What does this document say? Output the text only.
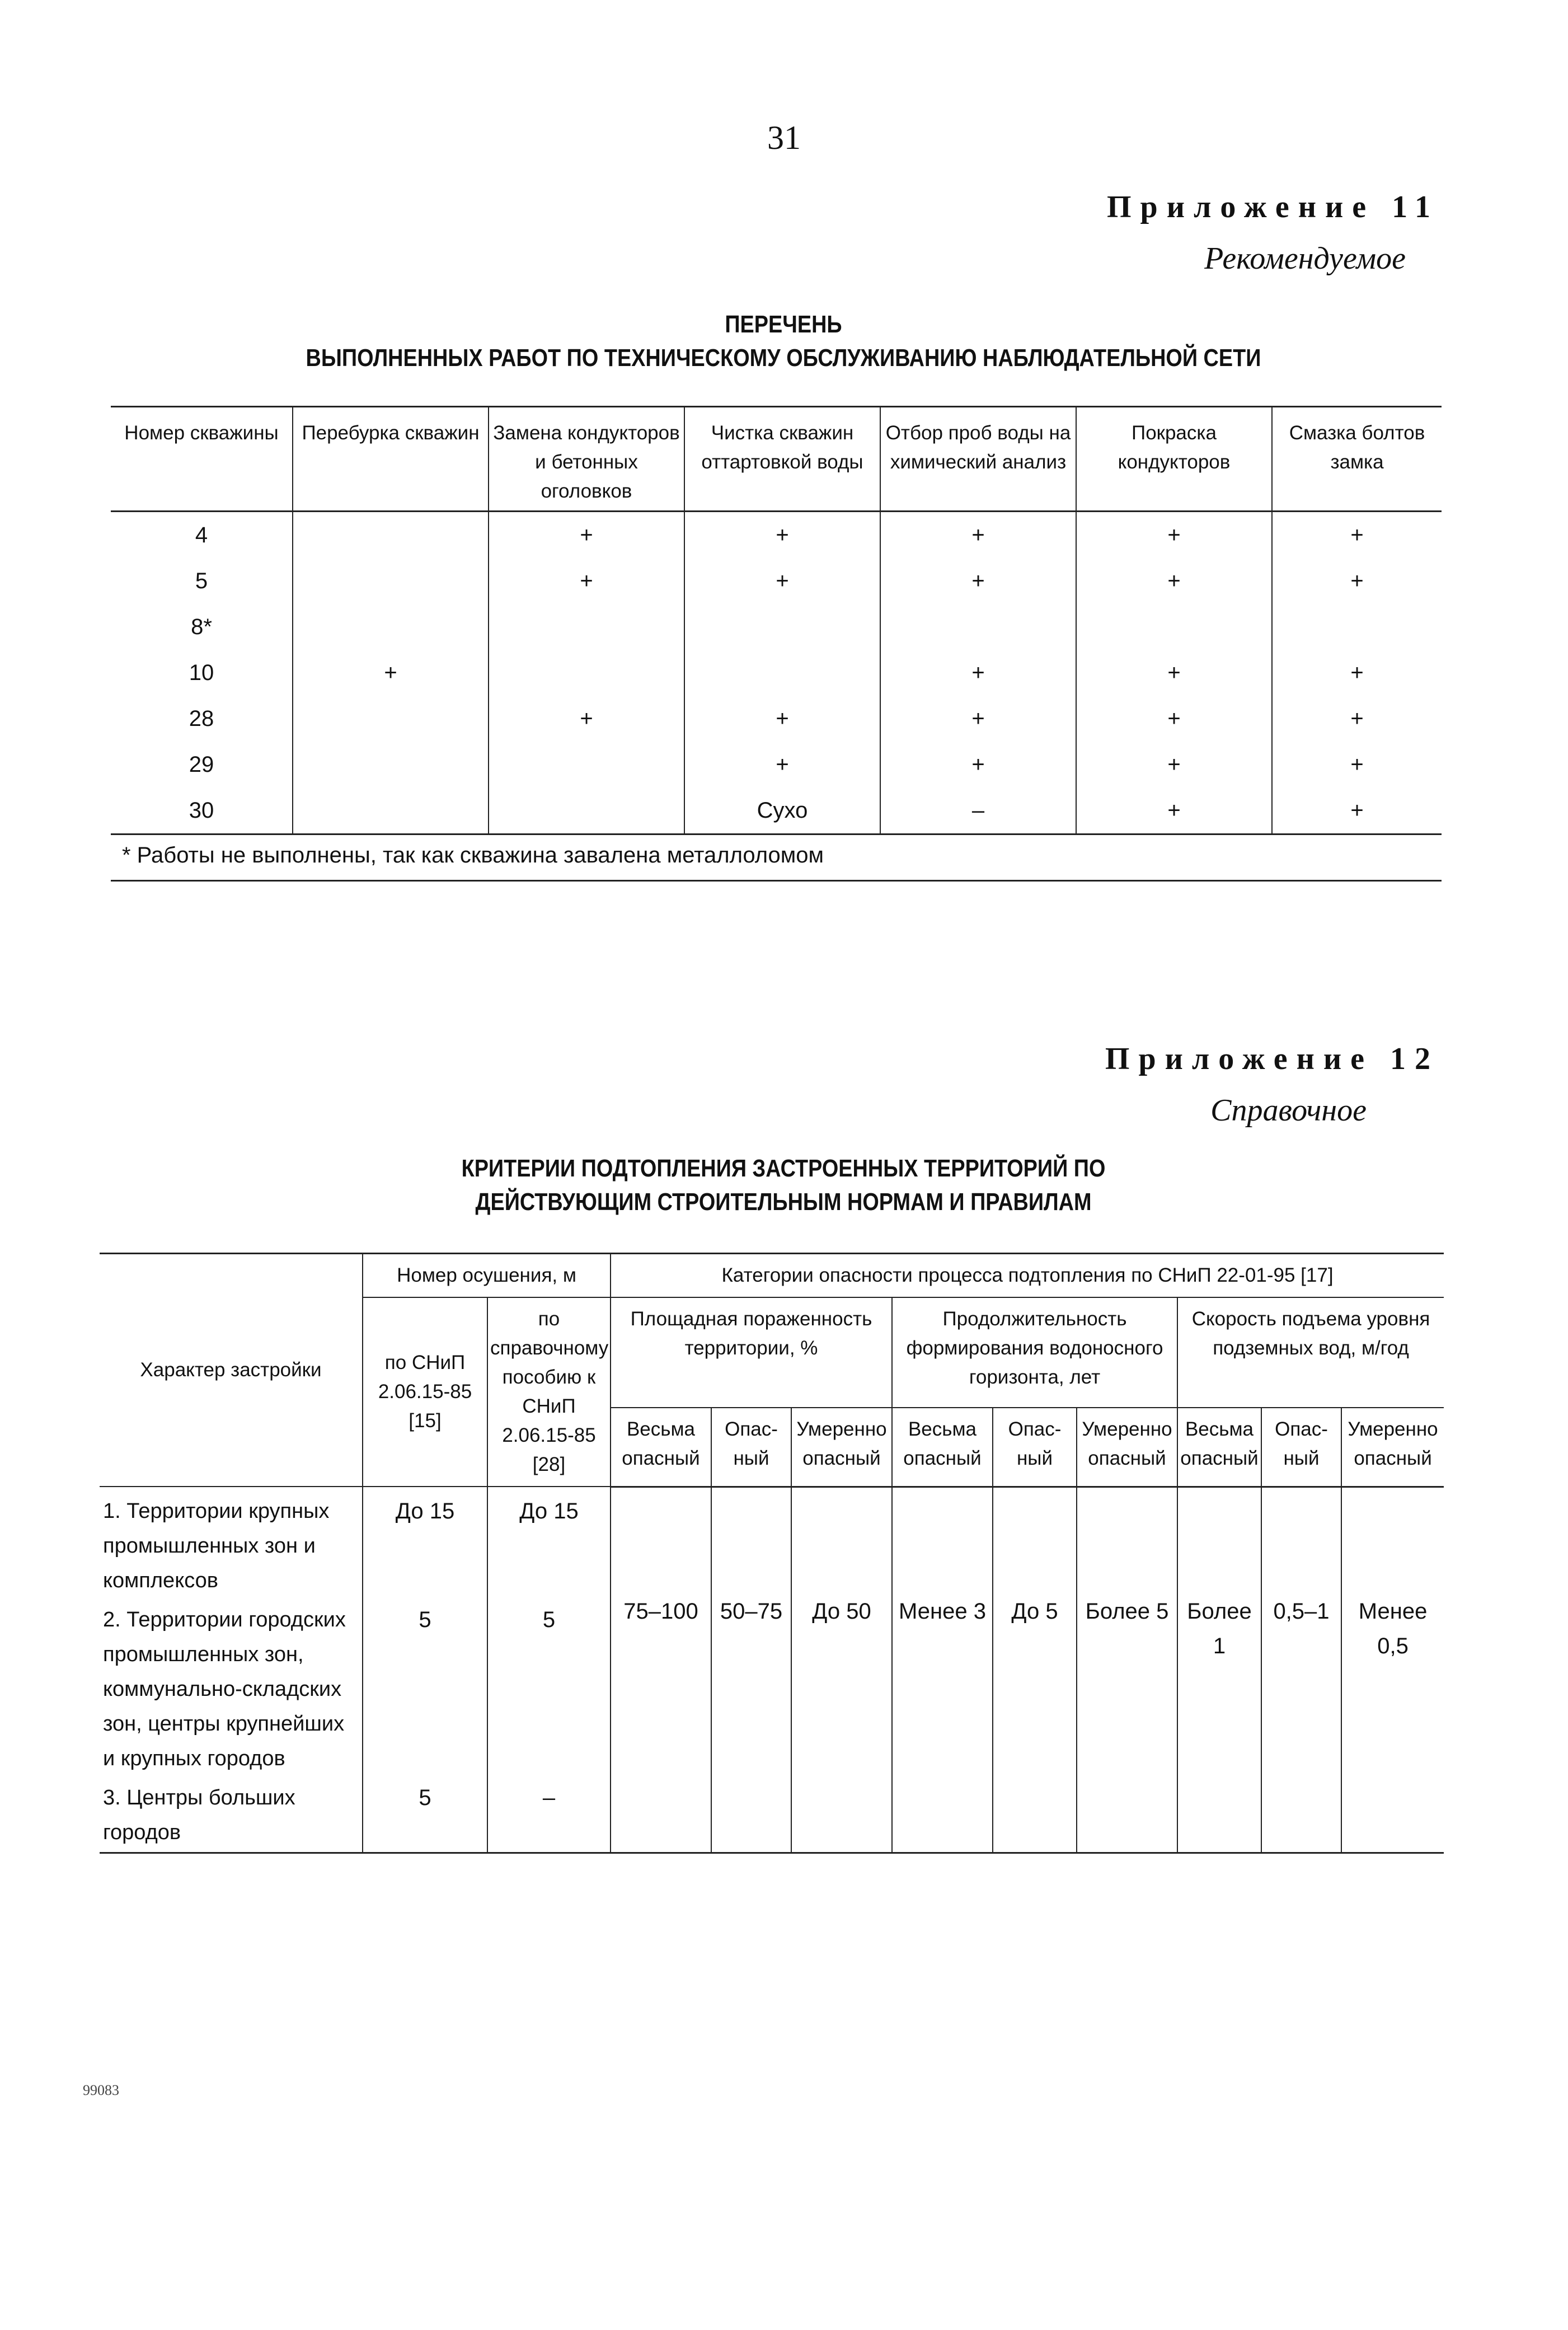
31
Приложение 11
Рекомендуемое
ПЕРЕЧЕНЬ
ВЫПОЛНЕННЫХ РАБОТ ПО ТЕХНИЧЕСКОМУ ОБСЛУЖИВАНИЮ НАБЛЮДАТЕЛЬНОЙ СЕТИ
Номер скважины	Перебурка скважин	Замена кондукторов и бетонных оголовков	Чистка скважин оттартовкой воды	Отбор проб воды на химический анализ	Покраска кондукторов	Смазка болтов замка
4		+	+	+	+	+
5		+	+	+	+	+
8*						
10	+			+	+	+
28		+	+	+	+	+
29			+	+	+	+
30			Сухо	–	+	+
* Работы не выполнены, так как скважина завалена металлоломом						
Приложение 12
Справочное
КРИТЕРИИ ПОДТОПЛЕНИЯ ЗАСТРОЕННЫХ ТЕРРИТОРИЙ ПО
ДЕЙСТВУЮЩИМ СТРОИТЕЛЬНЫМ НОРМАМ И ПРАВИЛАМ
Характер застройки	Номер осушения, м		Категории опасности процесса подтопления по СНиП 22-01-95 [17]								
	по СНиП 2.06.15-85 [15]	по справочному пособию к СНиП 2.06.15-85 [28]	Площадная пораженность территории, %			Продолжительность формирования водоносного горизонта, лет			Скорость подъема уровня подземных вод, м/год		
			Весьма опасный	Опас-ный	Умеренно опасный	Весьма опасный	Опас-ный	Умеренно опасный	Весьма опасный	Опас-ный	Умеренно опасный
1. Территории крупных промышленных зон и комплексов	До 15	До 15	75–100	50–75	До 50	Менее 3	До 5	Более 5	Более 1	0,5–1	Менее 0,5
2. Территории городских промышленных зон, коммунально-складских зон, центры крупнейших и крупных городов	5	5									
3. Центры больших городов	5	–									
99083
